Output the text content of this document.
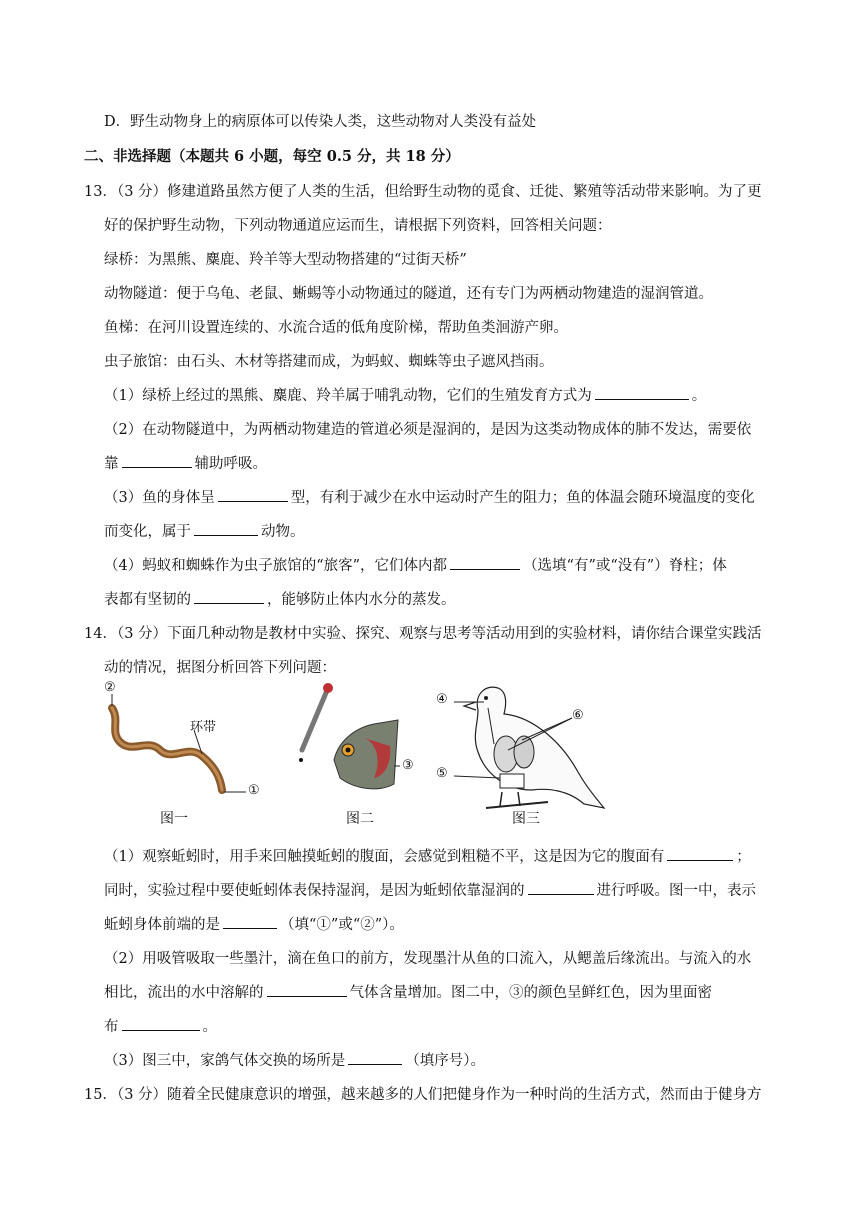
D．野生动物身上的病原体可以传染人类，这些动物对人类没有益处
二、非选择题（本题共 6 小题，每空 0.5 分，共 18 分）
13．（3 分）修建道路虽然方便了人类的生活，但给野生动物的觅食、迁徙、繁殖等活动带来影响。为了更
好的保护野生动物，下列动物通道应运而生，请根据下列资料，回答相关问题：
绿桥：为黑熊、麋鹿、羚羊等大型动物搭建的“过街天桥”
动物隧道：便于乌龟、老鼠、蜥蜴等小动物通过的隧道，还有专门为两栖动物建造的湿润管道。
鱼梯：在河川设置连续的、水流合适的低角度阶梯，帮助鱼类洄游产卵。
虫子旅馆：由石头、木材等搭建而成，为蚂蚁、蜘蛛等虫子遮风挡雨。
（1）绿桥上经过的黑熊、麋鹿、羚羊属于哺乳动物，它们的生殖发育方式为	。
（2）在动物隧道中，为两栖动物建造的管道必须是湿润的，是因为这类动物成体的肺不发达，需要依
靠	辅助呼吸。
（3）鱼的身体呈	型，有利于减少在水中运动时产生的阻力；鱼的体温会随环境温度的变化
而变化，属于	动物。
（4）蚂蚁和蜘蛛作为虫子旅馆的“旅客”，它们体内都	（选填“有”或“没有”）脊柱；体
表都有坚韧的	，能够防止体内水分的蒸发。
14．（3 分）下面几种动物是教材中实验、探究、观察与思考等活动用到的实验材料，请你结合课堂实践活
动的情况，据图分析回答下列问题：
②
环带
①
图一
③
图二
④
⑤
⑥
图三
（1）观察蚯蚓时，用手来回触摸蚯蚓的腹面，会感觉到粗糙不平，这是因为它的腹面有	；
同时，实验过程中要使蚯蚓体表保持湿润，是因为蚯蚓依靠湿润的	进行呼吸。图一中，表示
蚯蚓身体前端的是	（填“①”或“②”）。
（2）用吸管吸取一些墨汁，滴在鱼口的前方，发现墨汁从鱼的口流入，从鳃盖后缘流出。与流入的水
相比，流出的水中溶解的	气体含量增加。图二中，③的颜色呈鲜红色，因为里面密
布	。
（3）图三中，家鸽气体交换的场所是	（填序号）。
15．（3 分）随着全民健康意识的增强，越来越多的人们把健身作为一种时尚的生活方式，然而由于健身方
